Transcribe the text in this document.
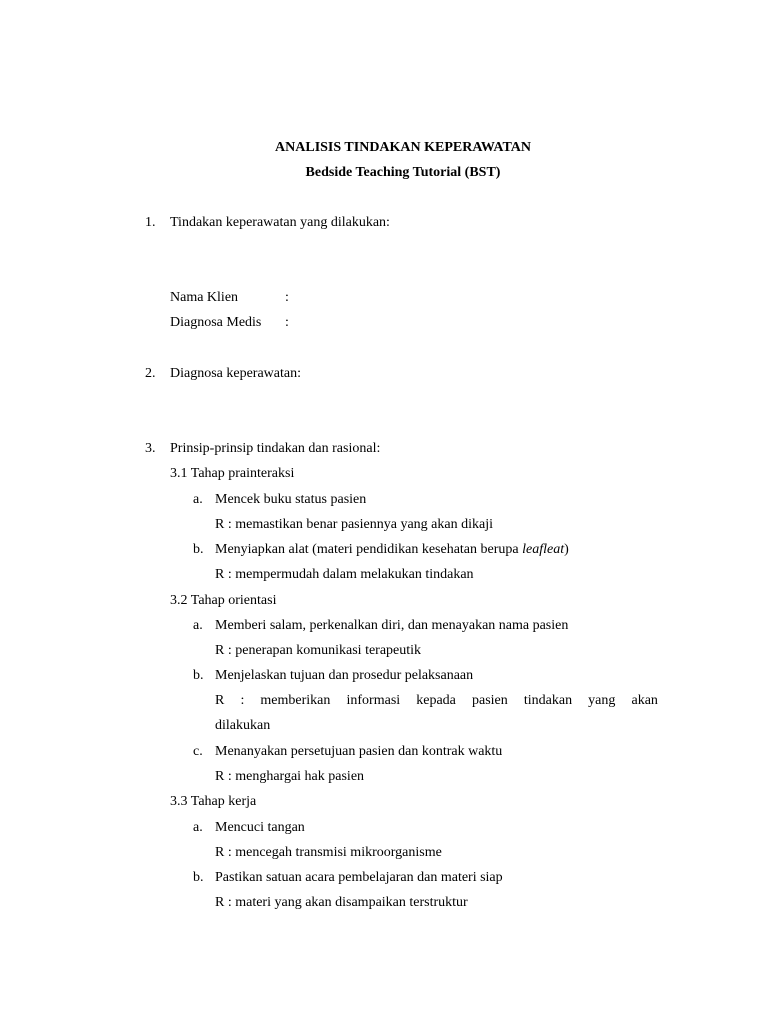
ANALISIS TINDAKAN KEPERAWATAN
Bedside Teaching Tutorial (BST)
1.	Tindakan keperawatan yang dilakukan:
Nama Klien	:
Diagnosa Medis :
2.	Diagnosa keperawatan:
3.	Prinsip-prinsip tindakan dan rasional:
3.1 Tahap prainteraksi
a. Mencek buku status pasien
R : memastikan benar pasiennya yang akan dikaji
b. Menyiapkan alat (materi pendidikan kesehatan berupa leafleat)
R : mempermudah dalam melakukan tindakan
3.2 Tahap orientasi
a. Memberi salam, perkenalkan diri, dan menayakan nama pasien
R : penerapan komunikasi terapeutik
b. Menjelaskan tujuan dan prosedur pelaksanaan
R : memberikan informasi kepada pasien tindakan yang akan
dilakukan
c. Menanyakan persetujuan pasien dan kontrak waktu
R : menghargai hak pasien
3.3 Tahap kerja
a. Mencuci tangan
R : mencegah transmisi mikroorganisme
b. Pastikan satuan acara pembelajaran dan materi siap
R : materi yang akan disampaikan terstruktur
